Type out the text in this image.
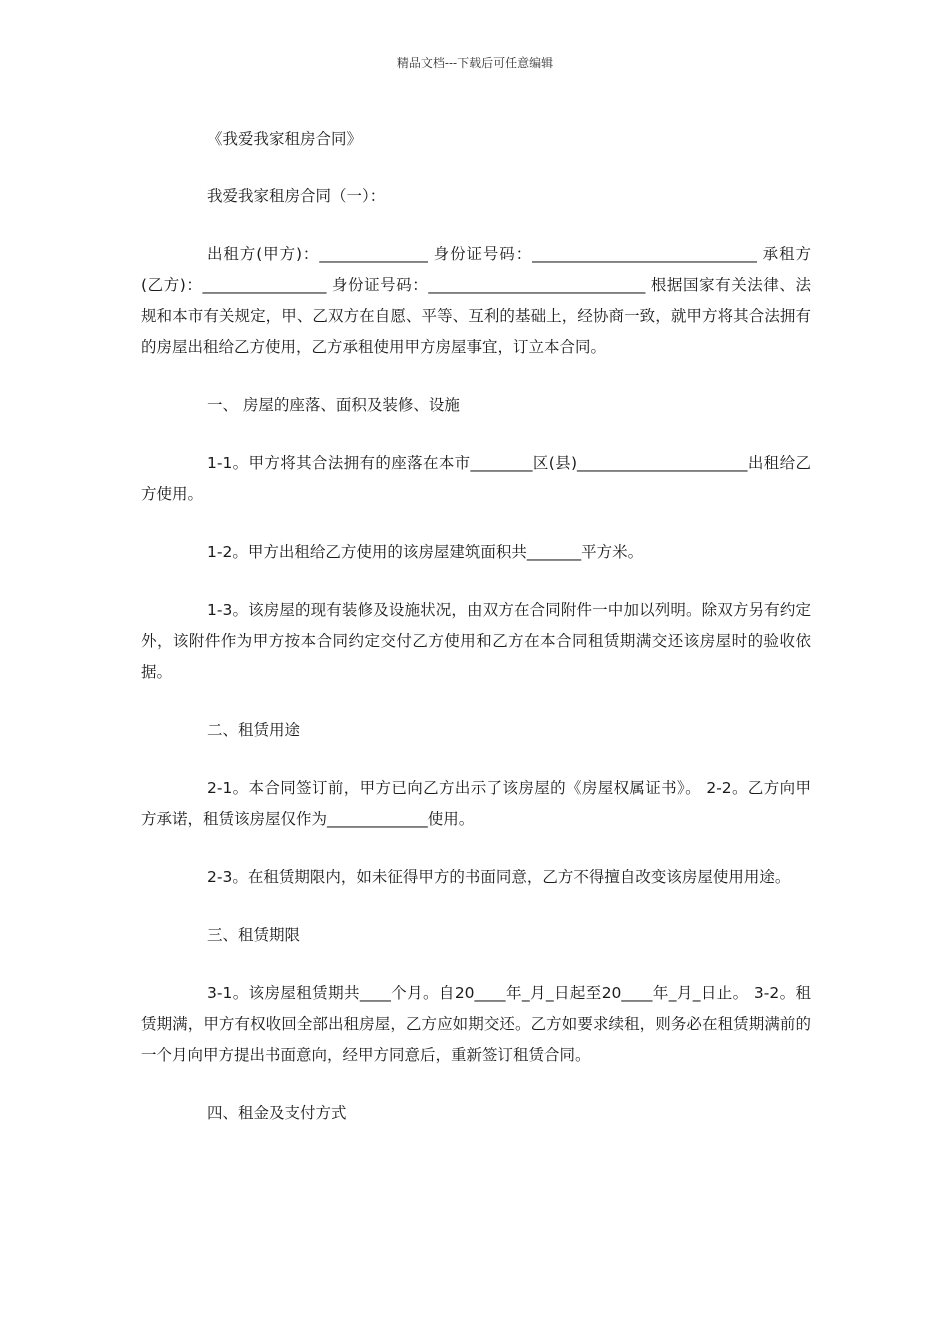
精品文档---下载后可任意编辑

《我爱我家租房合同》

我爱我家租房合同（一）：

出租方(甲方)：______________ 身份证号码：_____________________________ 承租方(乙方)：________________ 身份证号码：____________________________ 根据国家有关法律、法规和本市有关规定，甲、乙双方在自愿、平等、互利的基础上，经协商一致，就甲方将其合法拥有的房屋出租给乙方使用，乙方承租使用甲方房屋事宜，订立本合同。

一、 房屋的座落、面积及装修、设施

1-1。甲方将其合法拥有的座落在本市________区(县)______________________出租给乙方使用。

1-2。甲方出租给乙方使用的该房屋建筑面积共_______平方米。

1-3。该房屋的现有装修及设施状况，由双方在合同附件一中加以列明。除双方另有约定外，该附件作为甲方按本合同约定交付乙方使用和乙方在本合同租赁期满交还该房屋时的验收依据。

二、租赁用途

2-1。本合同签订前，甲方已向乙方出示了该房屋的《房屋权属证书》。 2-2。乙方向甲方承诺，租赁该房屋仅作为_____________使用。

2-3。在租赁期限内，如未征得甲方的书面同意，乙方不得擅自改变该房屋使用用途。

三、租赁期限

3-1。该房屋租赁期共____个月。自20____年_月_日起至20____年_月_日止。 3-2。租赁期满，甲方有权收回全部出租房屋，乙方应如期交还。乙方如要求续租，则务必在租赁期满前的一个月向甲方提出书面意向，经甲方同意后，重新签订租赁合同。

四、租金及支付方式
